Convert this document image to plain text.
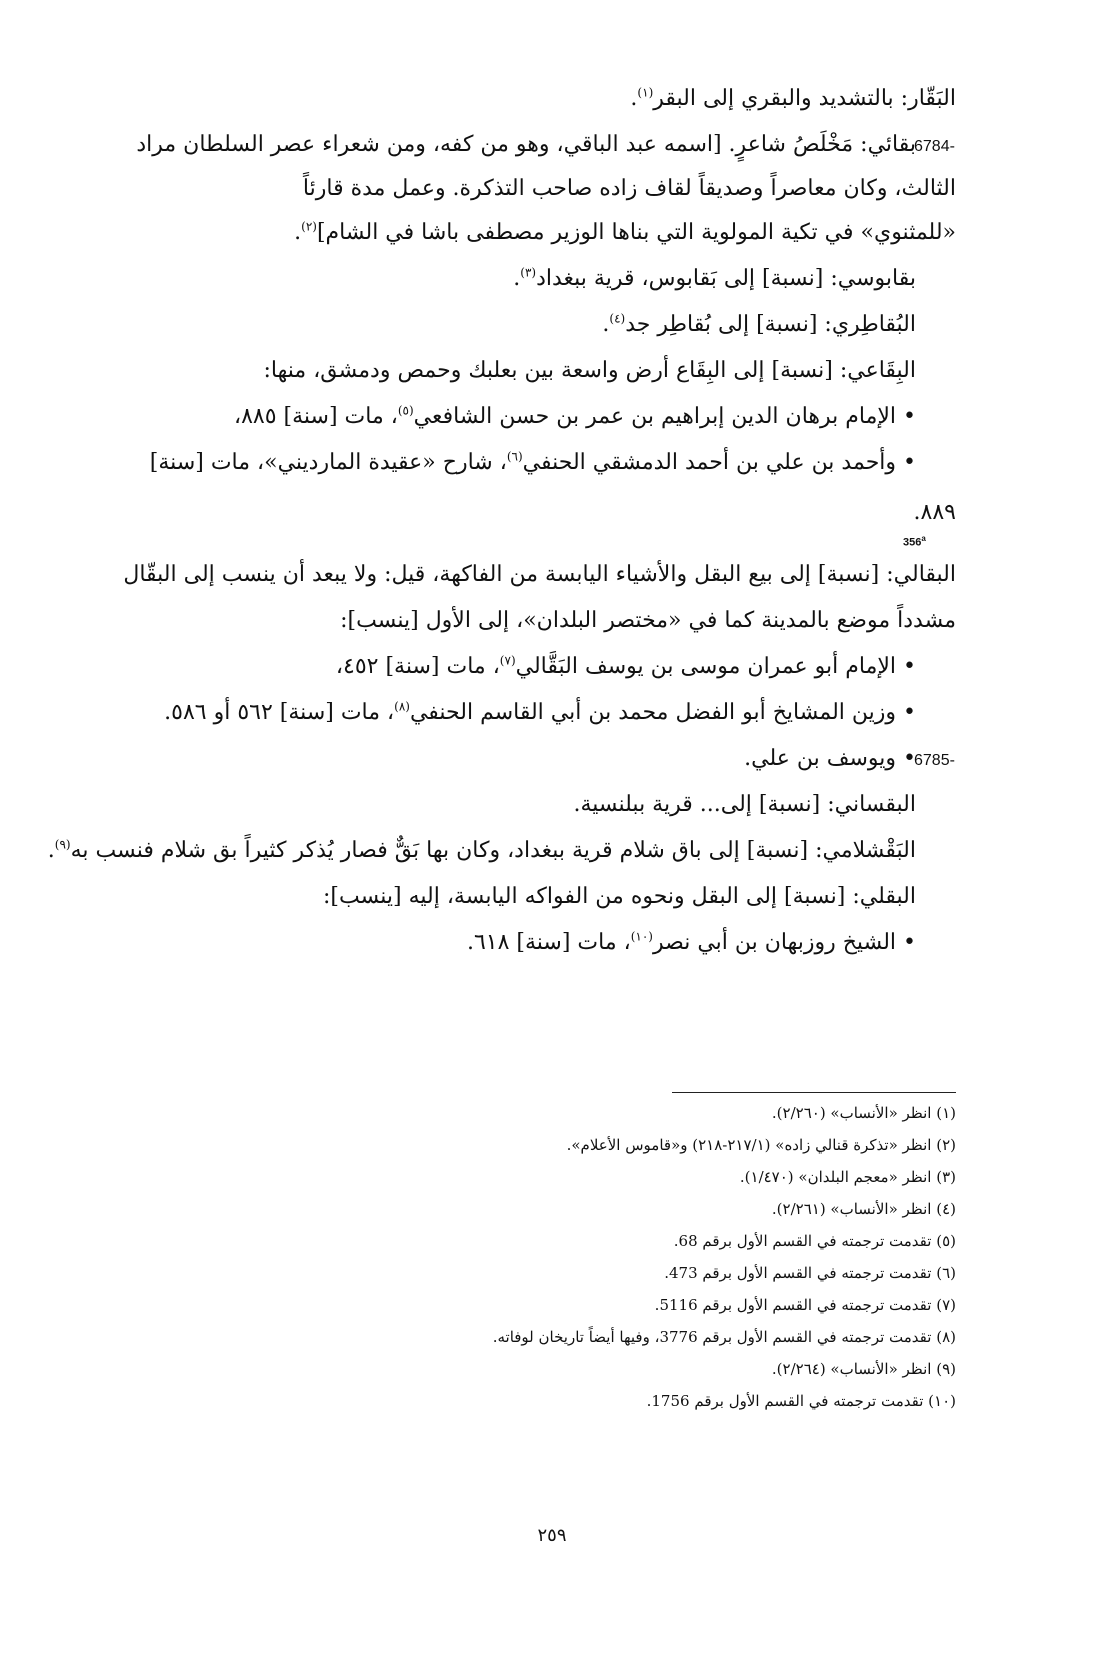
البَقّار: بالتشديد والبقري إلى البقر$^{(١)}$.
6784-
بقائي: مَخْلَصُ شاعرٍ. [اسمه عبد الباقي، وهو من كفه، ومن شعراء عصر السلطان مراد
الثالث، وكان معاصراً وصديقاً لقاف زاده صاحب التذكرة. وعمل مدة قارئاً
«للمثنوي» في تكية المولوية التي بناها الوزير مصطفى باشا في الشام]$^{(٢)}$.
بقابوسي: [نسبة] إلى بَقابوس، قرية ببغداد$^{(٣)}$.
البُقاطِري: [نسبة] إلى بُقاطِر جد$^{(٤)}$.
البِقَاعي: [نسبة] إلى البِقَاع أرض واسعة بين بعلبك وحمص ودمشق، منها:
• الإمام برهان الدين إبراهيم بن عمر بن حسن الشافعي$^{(٥)}$، مات [سنة] ٨٨٥،
• وأحمد بن علي بن أحمد الدمشقي الحنفي$^{(٦)}$، شارح «عقيدة المارديني»، مات [سنة]
٨٨٩.
356$^a$
البقالي: [نسبة] إلى بيع البقل والأشياء اليابسة من الفاكهة، قيل: ولا يبعد أن ينسب إلى البقّال
مشدداً موضع بالمدينة كما في «مختصر البلدان»، إلى الأول [ينسب]:
• الإمام أبو عمران موسى بن يوسف البَقَّالي$^{(٧)}$، مات [سنة] ٤٥٢،
• وزين المشايخ أبو الفضل محمد بن أبي القاسم الحنفي$^{(٨)}$، مات [سنة] ٥٦٢ أو ٥٨٦.
6785-
• ويوسف بن علي.
البقساني: [نسبة] إلى... قرية ببلنسية.
البَقْشلامي: [نسبة] إلى باق شلام قرية ببغداد، وكان بها بَقٌّ فصار يُذكر كثيراً بق شلام فنسب به$^{(٩)}$.
البقلي: [نسبة] إلى البقل ونحوه من الفواكه اليابسة، إليه [ينسب]:
• الشيخ روزبهان بن أبي نصر$^{(١٠)}$، مات [سنة] ٦١٨.
(١) انظر «الأنساب» (٢/٢٦٠).
(٢) انظر «تذكرة قنالي زاده» (٢١٧/١-٢١٨) و«قاموس الأعلام».
(٣) انظر «معجم البلدان» (١/٤٧٠).
(٤) انظر «الأنساب» (٢/٢٦١).
(٥) تقدمت ترجمته في القسم الأول برقم 68.
(٦) تقدمت ترجمته في القسم الأول برقم 473.
(٧) تقدمت ترجمته في القسم الأول برقم 5116.
(٨) تقدمت ترجمته في القسم الأول برقم 3776، وفيها أيضاً تاريخان لوفاته.
(٩) انظر «الأنساب» (٢/٢٦٤).
(١٠) تقدمت ترجمته في القسم الأول برقم 1756.
٢٥٩
